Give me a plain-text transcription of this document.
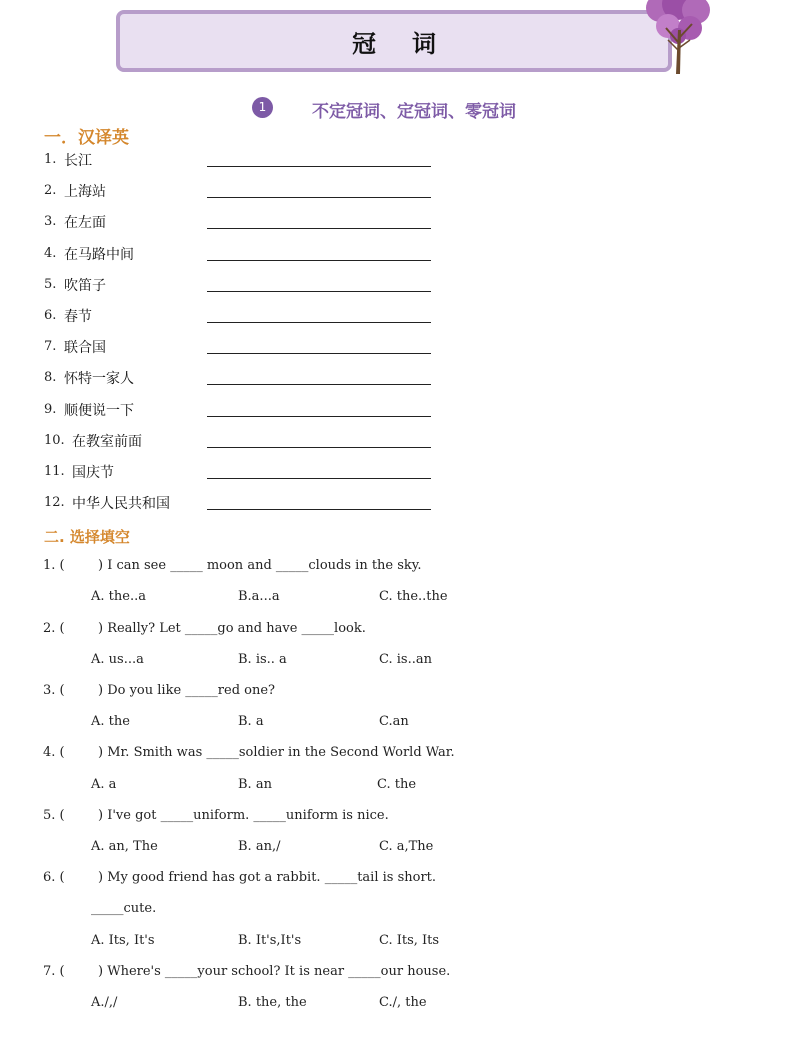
冠词
1	不定冠词、定冠词、零冠词
一．汉译英
1. 长江
2. 上海站
3. 在左面
4. 在马路中间
5. 吹笛子
6. 春节
7. 联合国
8. 怀特一家人
9. 顺便说一下
10. 在教室前面
11. 国庆节
12. 中华人民共和国
二. 选择填空
1. (	) I can see _____ moon and _____clouds in the sky.
A. the..a	B.a...a	C. the..the
2. (	) Really? Let _____go and have _____look.
A. us...a	B. is.. a	C. is..an
3. (	) Do you like _____red one?
A. the	B. a	C.an
4. (	) Mr. Smith was _____soldier in the Second World War.
A. a	B. an	C. the
5. (	) I've got _____uniform. _____uniform is nice.
A. an, The	B. an,/	C. a,The
6. (	) My good friend has got a rabbit. _____tail is short.
_____cute.
A. Its, It's	B. It's,It's	C. Its, Its
7. (	) Where's _____your school? It is near _____our house.
A./,/	B. the, the	C./, the
